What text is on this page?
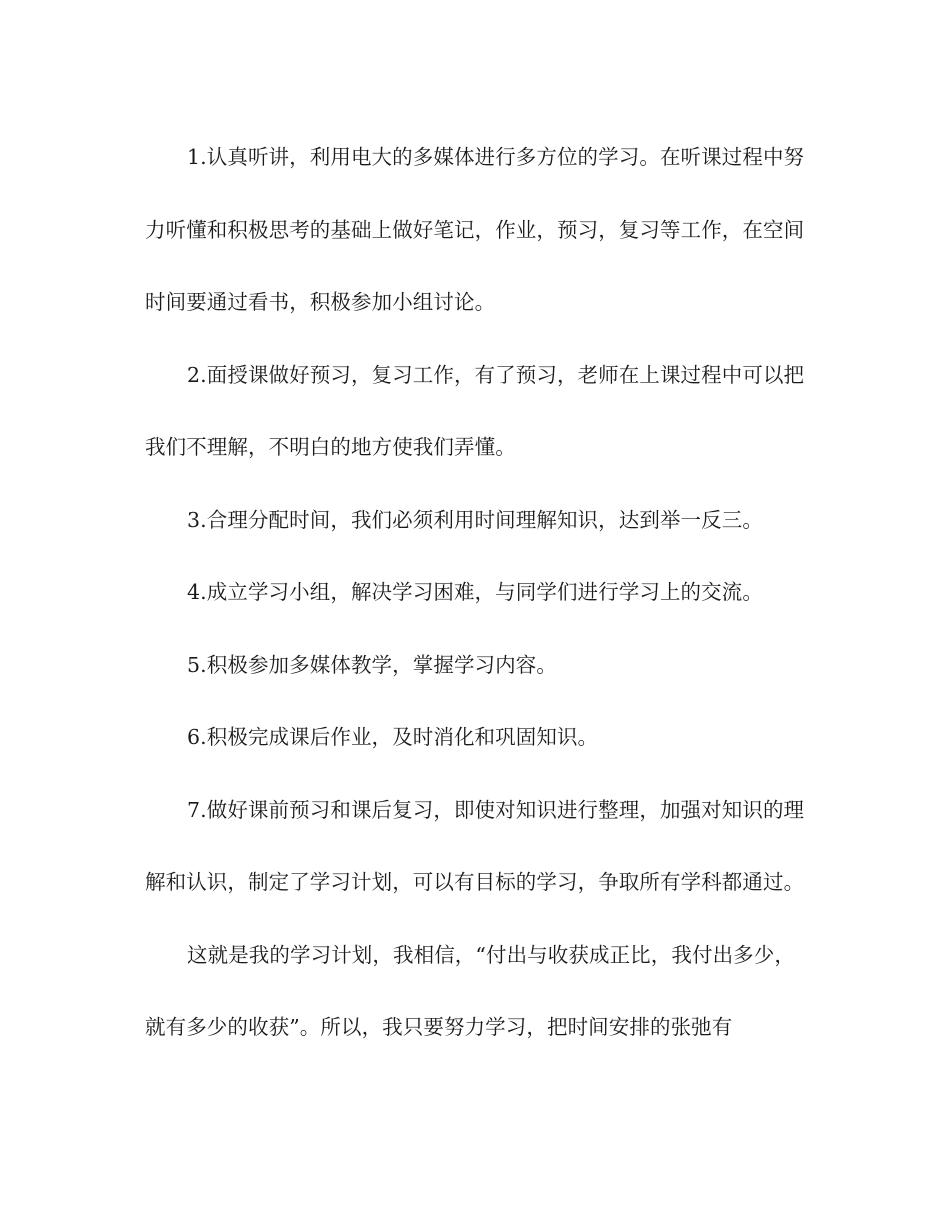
1.认真听讲，利用电大的多媒体进行多方位的学习。在听课过程中努力听懂和积极思考的基础上做好笔记，作业，预习，复习等工作，在空间时间要通过看书，积极参加小组讨论。

2.面授课做好预习，复习工作，有了预习，老师在上课过程中可以把我们不理解，不明白的地方使我们弄懂。

3.合理分配时间，我们必须利用时间理解知识，达到举一反三。

4.成立学习小组，解决学习困难，与同学们进行学习上的交流。

5.积极参加多媒体教学，掌握学习内容。

6.积极完成课后作业，及时消化和巩固知识。

7.做好课前预习和课后复习，即使对知识进行整理，加强对知识的理解和认识，制定了学习计划，可以有目标的学习，争取所有学科都通过。

这就是我的学习计划，我相信，“付出与收获成正比，我付出多少，就有多少的收获”。所以，我只要努力学习，把时间安排的张弛有
